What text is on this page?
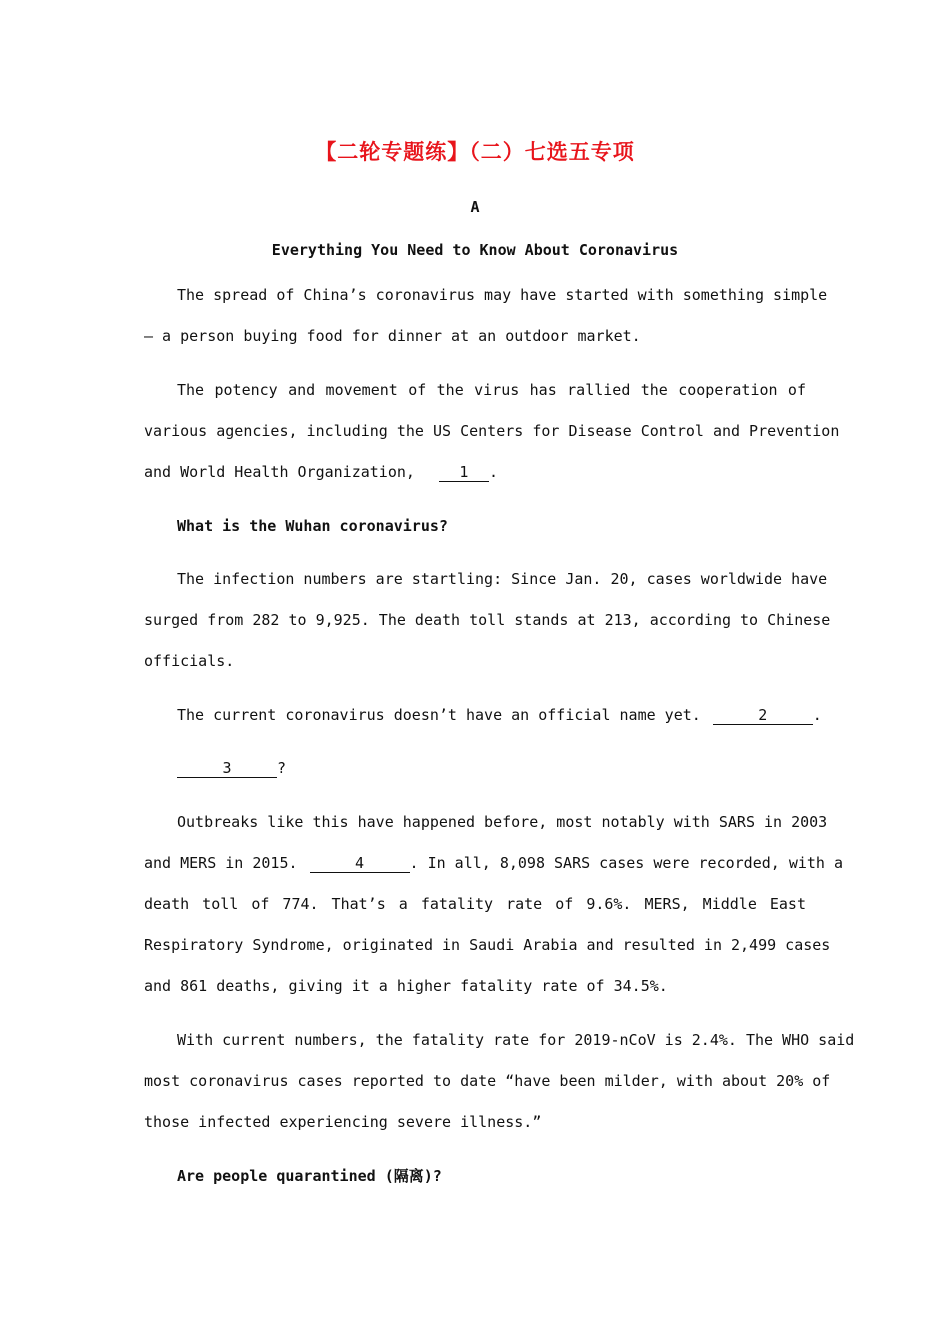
【二轮专题练】（二）七选五专项
A
Everything You Need to Know About Coronavirus
The spread of China’s coronavirus may have started with something simple
— a person buying food for dinner at an outdoor market.
The potency and movement of the virus has rallied the cooperation of
various agencies, including the US Centers for Disease Control and Prevention
and World Health Organization,	1 .
What is the Wuhan coronavirus?
The infection numbers are startling: Since Jan. 20, cases worldwide have
surged from 282 to 9,925. The death toll stands at 213, according to Chinese
officials.
The current coronavirus doesn’t have an official name yet.	2	.
3	?
Outbreaks like this have happened before, most notably with SARS in 2003
and MERS in 2015.	4	. In all, 8,098 SARS cases were recorded, with a
death toll of 774. That’s a fatality rate of 9.6%. MERS, Middle East
Respiratory Syndrome, originated in Saudi Arabia and resulted in 2,499 cases
and 861 deaths, giving it a higher fatality rate of 34.5%.
With current numbers, the fatality rate for 2019-nCoV is 2.4%. The WHO said
most coronavirus cases reported to date “have been milder, with about 20% of
those infected experiencing severe illness.”
Are people quarantined (隔离)?
